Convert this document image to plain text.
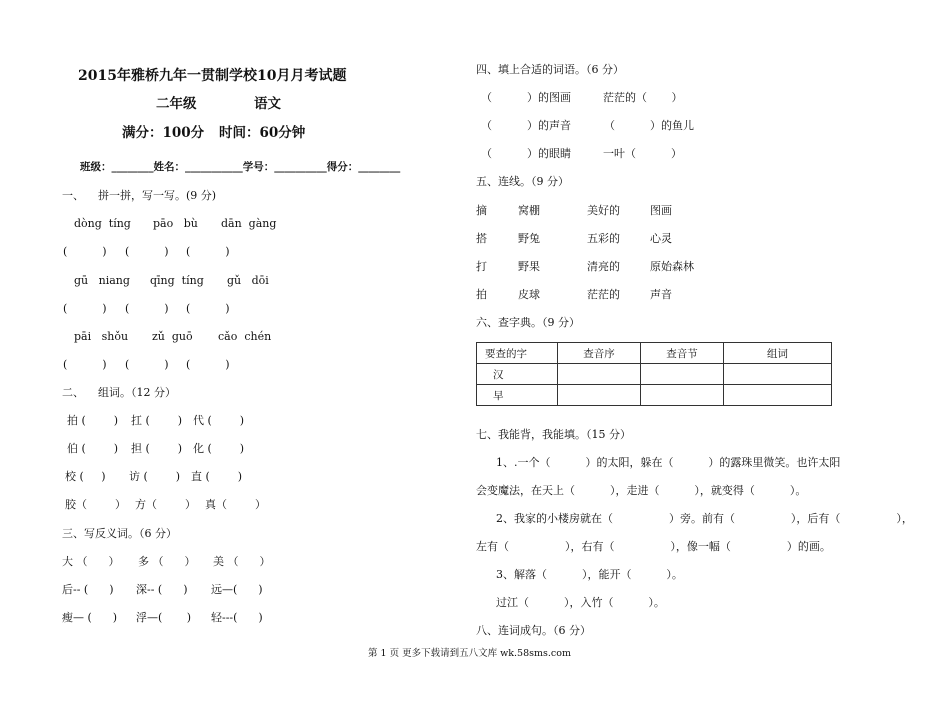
2015年雅桥九年一贯制学校10月月考试题
二年级	语文
满分：100分 时间：60分钟
班级：________姓名：___________学号：__________得分：________
一、    拼一拼，写一写。(9 分)
dòng  tíng pāo   bù dān  gàng
(          ) (          ) (          )
gū   niang qīng  tíng gǔ   dōi
(          ) (          ) (          )
pāi   shǒu zǔ  guō cǎo  chén
(          ) (          ) (          )
二、    组词。（12 分）
拍 (        ) 扛 (        ) 代 (        )
伯 (        ) 担 (        ) 化 (        )
校 (     ) 访 (        ) 直 (        )
胶（        ） 方（        ） 真（        ）
三、写反义词。（6 分）
大 （      ） 多 （      ） 美 （      ）
后-- (      ) 深-- (      ) 远—(      )
瘦— (      ) 浮—(       ) 轻---(      )
四、填上合适的词语。（6 分）
（          ）的图画	茫茫的（       ）
（          ）的声音	（          ）的鱼儿
（          ）的眼睛	一叶（          ）
五、连线。（9 分）
摘	窝棚	美好的	图画
搭	野兔	五彩的	心灵
打	野果	清亮的	原始森林
拍	皮球	茫茫的	声音
六、查字典。（9 分）
要查的字	查音序	查音节	组词
汉			
早			
七、我能背，我能填。（15 分）
1、.一个（          ）的太阳，躲在（          ）的露珠里微笑。也许太阳
会变魔法，在天上（          ），走进（          ），就变得（          ）。
2、我家的小楼房就在（                ）旁。前有（                ），后有（                ），
左有（                ），右有（                ），像一幅（                ）的画。
3、解落（          ），能开（          ）。
过江（          ），入竹（          ）。
八、连词成句。（6 分）
第 1 页 更多下载请到五八文库 wk.58sms.com
